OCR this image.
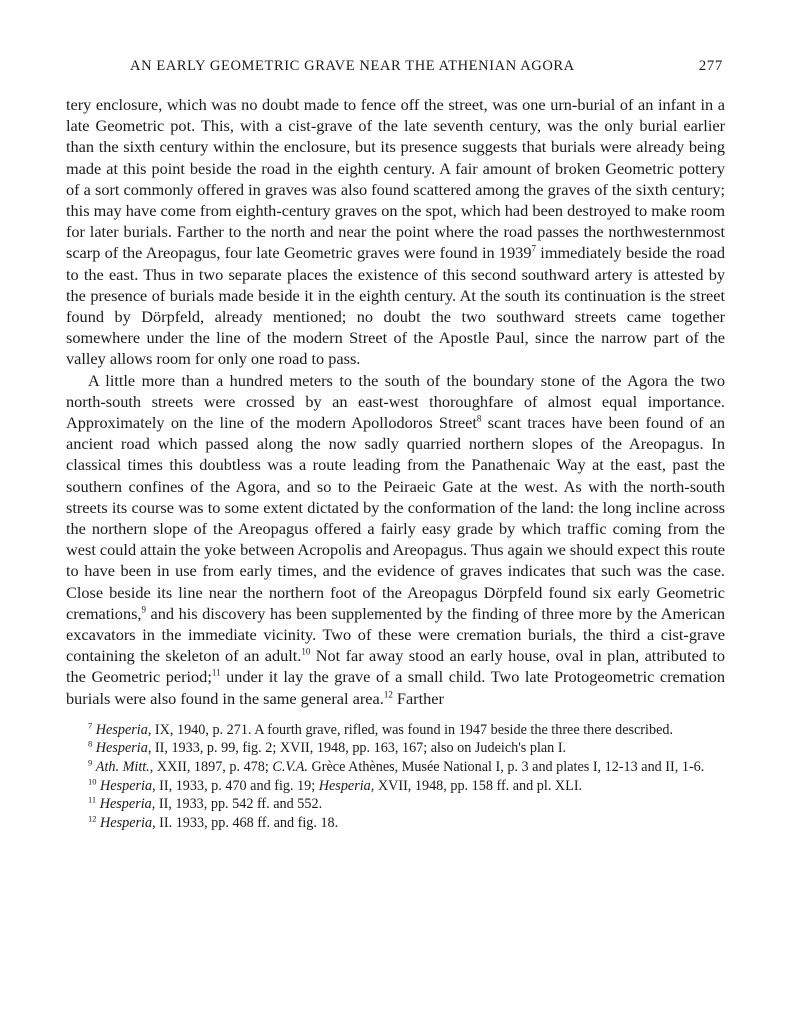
AN EARLY GEOMETRIC GRAVE NEAR THE ATHENIAN AGORA	277

tery enclosure, which was no doubt made to fence off the street, was one urn-burial of an infant in a late Geometric pot. This, with a cist-grave of the late seventh century, was the only burial earlier than the sixth century within the enclosure, but its presence suggests that burials were already being made at this point beside the road in the eighth century. A fair amount of broken Geometric pottery of a sort commonly offered in graves was also found scattered among the graves of the sixth century; this may have come from eighth-century graves on the spot, which had been destroyed to make room for later burials. Farther to the north and near the point where the road passes the northwesternmost scarp of the Areopagus, four late Geometric graves were found in 1939$^7$ immediately beside the road to the east. Thus in two separate places the existence of this second southward artery is attested by the presence of burials made beside it in the eighth century. At the south its continuation is the street found by Dörpfeld, already mentioned; no doubt the two southward streets came together somewhere under the line of the modern Street of the Apostle Paul, since the narrow part of the valley allows room for only one road to pass.

A little more than a hundred meters to the south of the boundary stone of the Agora the two north-south streets were crossed by an east-west thoroughfare of almost equal importance. Approximately on the line of the modern Apollodoros Street$^8$ scant traces have been found of an ancient road which passed along the now sadly quarried northern slopes of the Areopagus. In classical times this doubtless was a route leading from the Panathenaic Way at the east, past the southern confines of the Agora, and so to the Peiraeic Gate at the west. As with the north-south streets its course was to some extent dictated by the conformation of the land: the long incline across the northern slope of the Areopagus offered a fairly easy grade by which traffic coming from the west could attain the yoke between Acropolis and Areopagus. Thus again we should expect this route to have been in use from early times, and the evidence of graves indicates that such was the case. Close beside its line near the northern foot of the Areopagus Dörpfeld found six early Geometric cremations,$^9$ and his discovery has been supplemented by the finding of three more by the American excavators in the immediate vicinity. Two of these were cremation burials, the third a cist-grave containing the skeleton of an adult.$^{10}$ Not far away stood an early house, oval in plan, attributed to the Geometric period;$^{11}$ under it lay the grave of a small child. Two late Protogeometric cremation burials were also found in the same general area.$^{12}$ Farther

$^7$ Hesperia, IX, 1940, p. 271. A fourth grave, rifled, was found in 1947 beside the three there described.

$^8$ Hesperia, II, 1933, p. 99, fig. 2; XVII, 1948, pp. 163, 167; also on Judeich's plan I.

$^9$ Ath. Mitt., XXII, 1897, p. 478; C.V.A. Grèce Athènes, Musée National I, p. 3 and plates I, 12-13 and II, 1-6.

$^{10}$ Hesperia, II, 1933, p. 470 and fig. 19; Hesperia, XVII, 1948, pp. 158 ff. and pl. XLI.

$^{11}$ Hesperia, II, 1933, pp. 542 ff. and 552.

$^{12}$ Hesperia, II. 1933, pp. 468 ff. and fig. 18.
